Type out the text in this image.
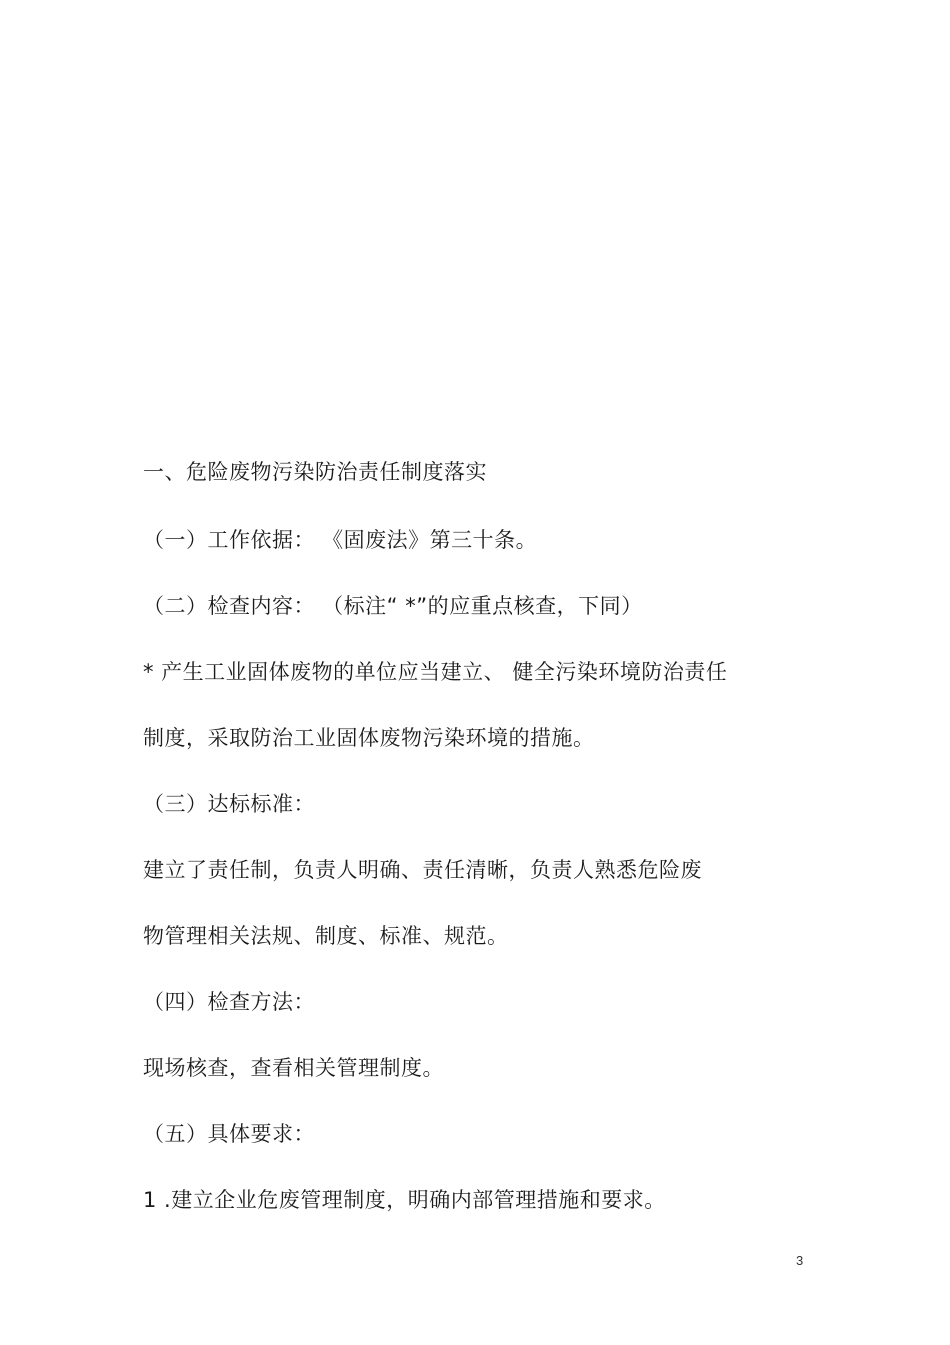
一、危险废物污染防治责任制度落实
（一）工作依据： 《固废法》第三十条。
（二）检查内容： （标注“ *”的应重点核查，下同）
* 产生工业固体废物的单位应当建立、 健全污染环境防治责任
制度，采取防治工业固体废物污染环境的措施。
（三）达标标准：
建立了责任制，负责人明确、责任清晰，负责人熟悉危险废
物管理相关法规、制度、标准、规范。
（四）检查方法：
现场核查，查看相关管理制度。
（五）具体要求：
1 .建立企业危废管理制度，明确内部管理措施和要求。
3
